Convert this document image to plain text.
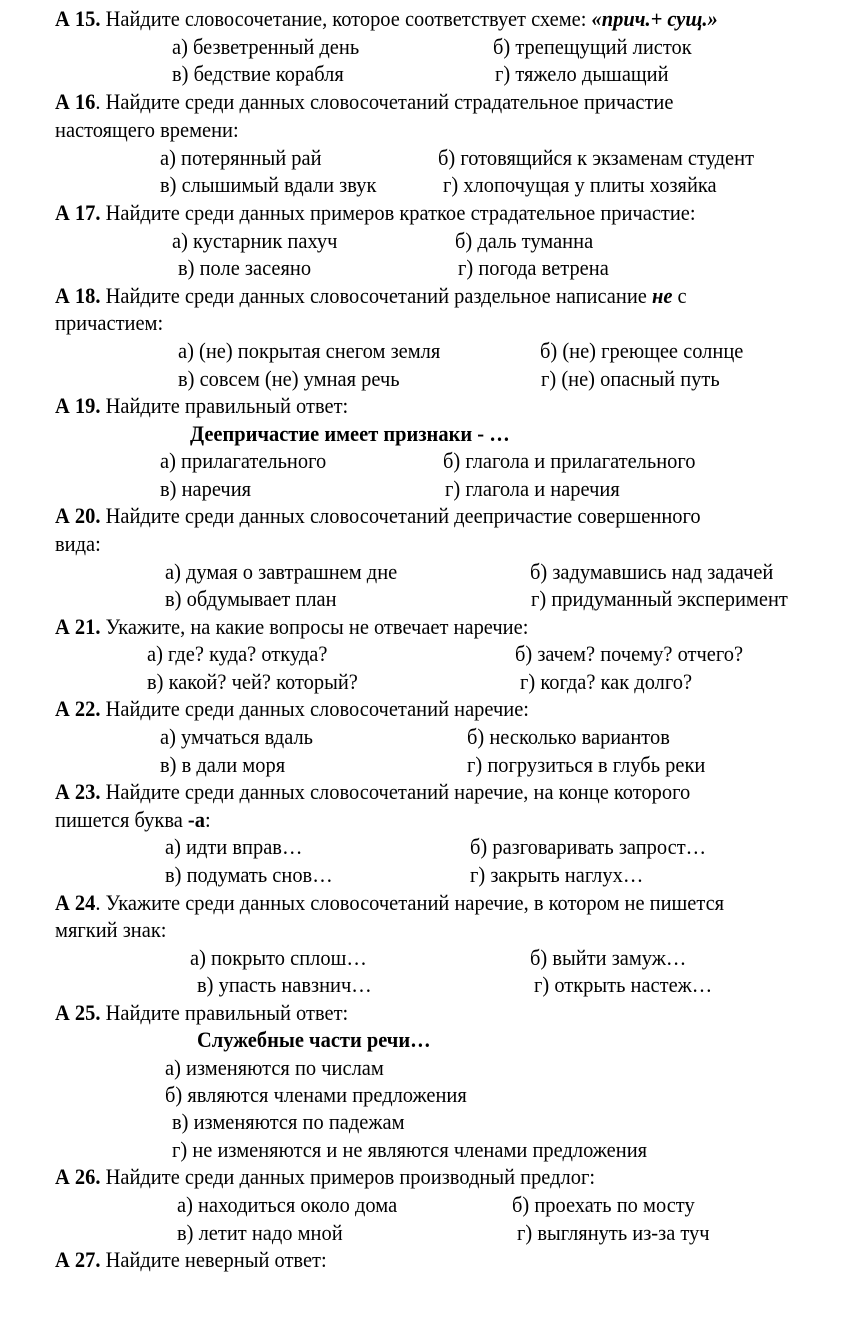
А 15. Найдите словосочетание, которое соответствует схеме: «прич.+ сущ.»
а) безветренный день	б) трепещущий листок
в) бедствие корабля	г) тяжело дышащий
А 16. Найдите среди данных словосочетаний страдательное причастие
настоящего времени:
а) потерянный рай	б) готовящийся к экзаменам студент
в) слышимый вдали звук	г) хлопочущая у плиты хозяйка
А 17. Найдите среди данных примеров краткое страдательное причастие:
а) кустарник пахуч	б) даль туманна
в) поле засеяно	г) погода ветрена
А 18. Найдите среди данных словосочетаний раздельное написание не с
причастием:
а) (не) покрытая снегом земля	б) (не) греющее солнце
в) совсем (не) умная речь	г) (не) опасный путь
А 19. Найдите правильный ответ:
Деепричастие имеет признаки - …
а) прилагательного	б) глагола и прилагательного
в) наречия	г) глагола и наречия
А 20. Найдите среди данных словосочетаний деепричастие совершенного
вида:
а) думая о завтрашнем дне	б) задумавшись над задачей
в) обдумывает план	г) придуманный эксперимент
А 21. Укажите, на какие вопросы не отвечает наречие:
а) где? куда? откуда?	б) зачем? почему? отчего?
в) какой? чей? который?	г) когда? как долго?
А 22. Найдите среди данных словосочетаний наречие:
а) умчаться вдаль	б) несколько вариантов
в) в дали моря	г) погрузиться в глубь реки
А 23. Найдите среди данных словосочетаний наречие, на конце которого
пишется буква -а:
а) идти вправ…	б) разговаривать запрост…
в) подумать снов…	г) закрыть наглух…
А 24. Укажите среди данных словосочетаний наречие, в котором не пишется
мягкий знак:
а) покрыто сплош…	б) выйти замуж…
в) упасть навзнич…	г) открыть настеж…
А 25. Найдите правильный ответ:
Служебные части речи…
а) изменяются по числам
б) являются членами предложения
в) изменяются по падежам
г) не изменяются и не являются членами предложения
А 26. Найдите среди данных примеров производный предлог:
а) находиться около дома	б) проехать по мосту
в) летит надо мной	г) выглянуть из-за туч
А 27. Найдите неверный ответ:
